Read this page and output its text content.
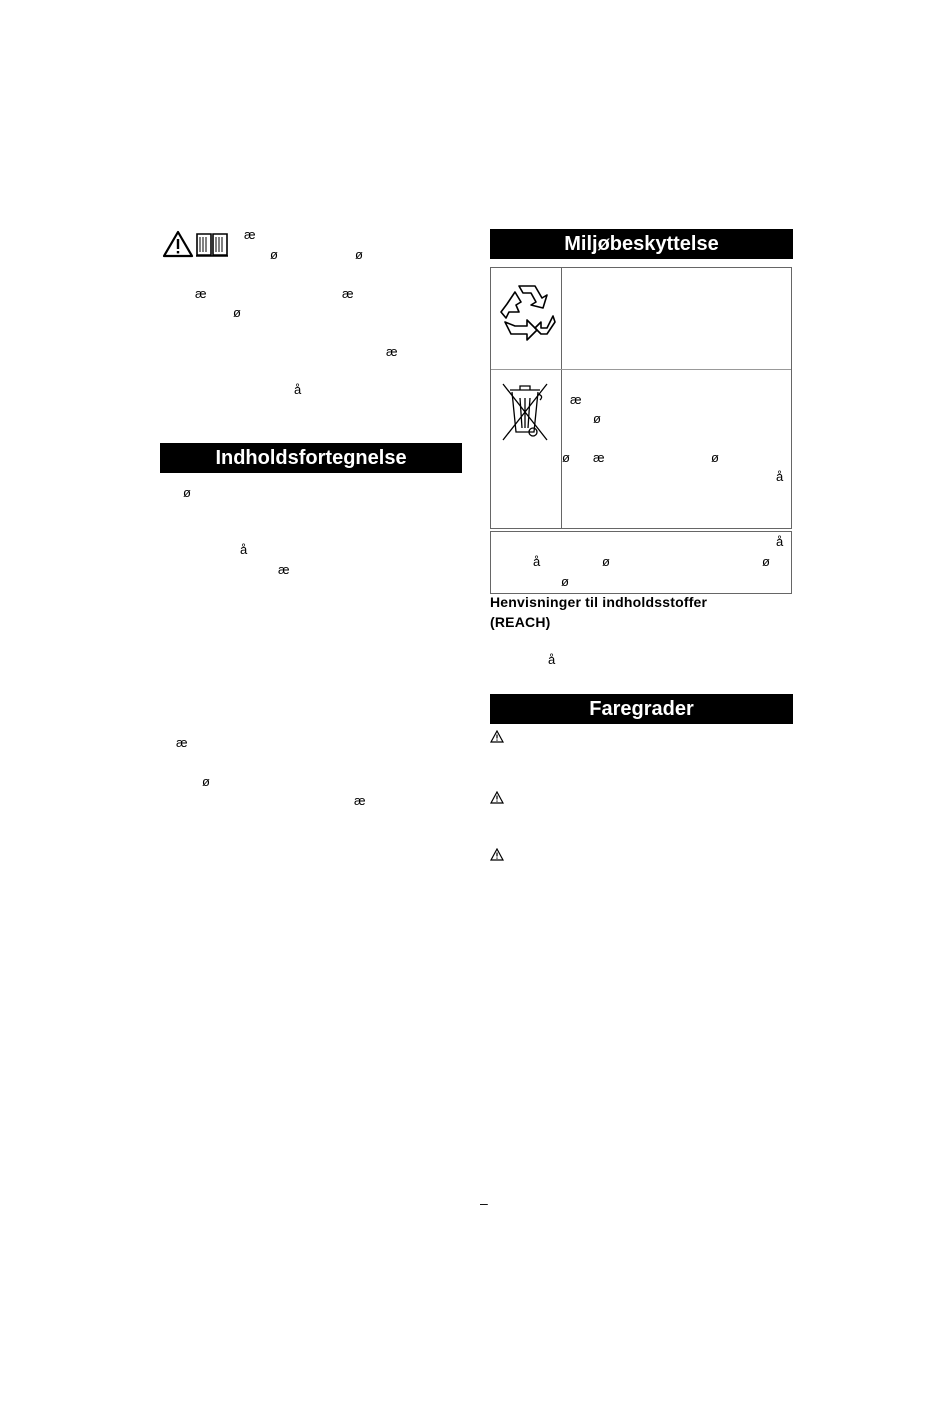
æ
ø	ø
æ	æ
ø
æ
å
Indholdsfortegnelse
ø
å
æ
æ
ø
æ
Miljøbeskyttelse
æ
ø
ø æ	ø
å
å
å	ø	ø
ø
Henvisninger til indholdsstoffer
(REACH)
å
Faregrader
–
